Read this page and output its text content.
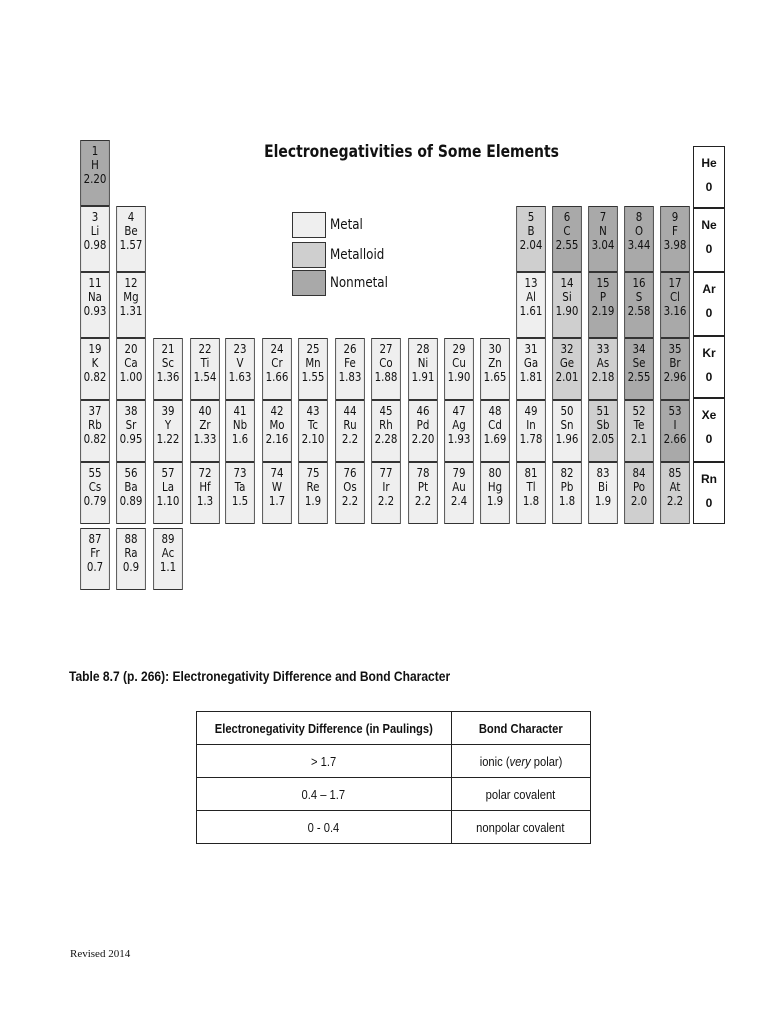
Electronegativities of Some Elements
Metal
Metalloid
Nonmetal
1
H
2.20
3
Li
0.98
4
Be
1.57
5
B
2.04
6
C
2.55
7
N
3.04
8
O
3.44
9
F
3.98
11
Na
0.93
12
Mg
1.31
13
Al
1.61
14
Si
1.90
15
P
2.19
16
S
2.58
17
Cl
3.16
19
K
0.82
20
Ca
1.00
21
Sc
1.36
22
Ti
1.54
23
V
1.63
24
Cr
1.66
25
Mn
1.55
26
Fe
1.83
27
Co
1.88
28
Ni
1.91
29
Cu
1.90
30
Zn
1.65
31
Ga
1.81
32
Ge
2.01
33
As
2.18
34
Se
2.55
35
Br
2.96
37
Rb
0.82
38
Sr
0.95
39
Y
1.22
40
Zr
1.33
41
Nb
1.6
42
Mo
2.16
43
Tc
2.10
44
Ru
2.2
45
Rh
2.28
46
Pd
2.20
47
Ag
1.93
48
Cd
1.69
49
In
1.78
50
Sn
1.96
51
Sb
2.05
52
Te
2.1
53
I
2.66
55
Cs
0.79
56
Ba
0.89
57
La
1.10
72
Hf
1.3
73
Ta
1.5
74
W
1.7
75
Re
1.9
76
Os
2.2
77
Ir
2.2
78
Pt
2.2
79
Au
2.4
80
Hg
1.9
81
Tl
1.8
82
Pb
1.8
83
Bi
1.9
84
Po
2.0
85
At
2.2
87
Fr
0.7
88
Ra
0.9
89
Ac
1.1
He
0
Ne
0
Ar
0
Kr
0
Xe
0
Rn
0
Table 8.7 (p. 266): Electronegativity Difference and Bond Character
Electronegativity Difference (in Paulings)	Bond Character
> 1.7	ionic (very polar)
0.4 – 1.7	polar covalent
0 - 0.4	nonpolar covalent
Revised 2014
